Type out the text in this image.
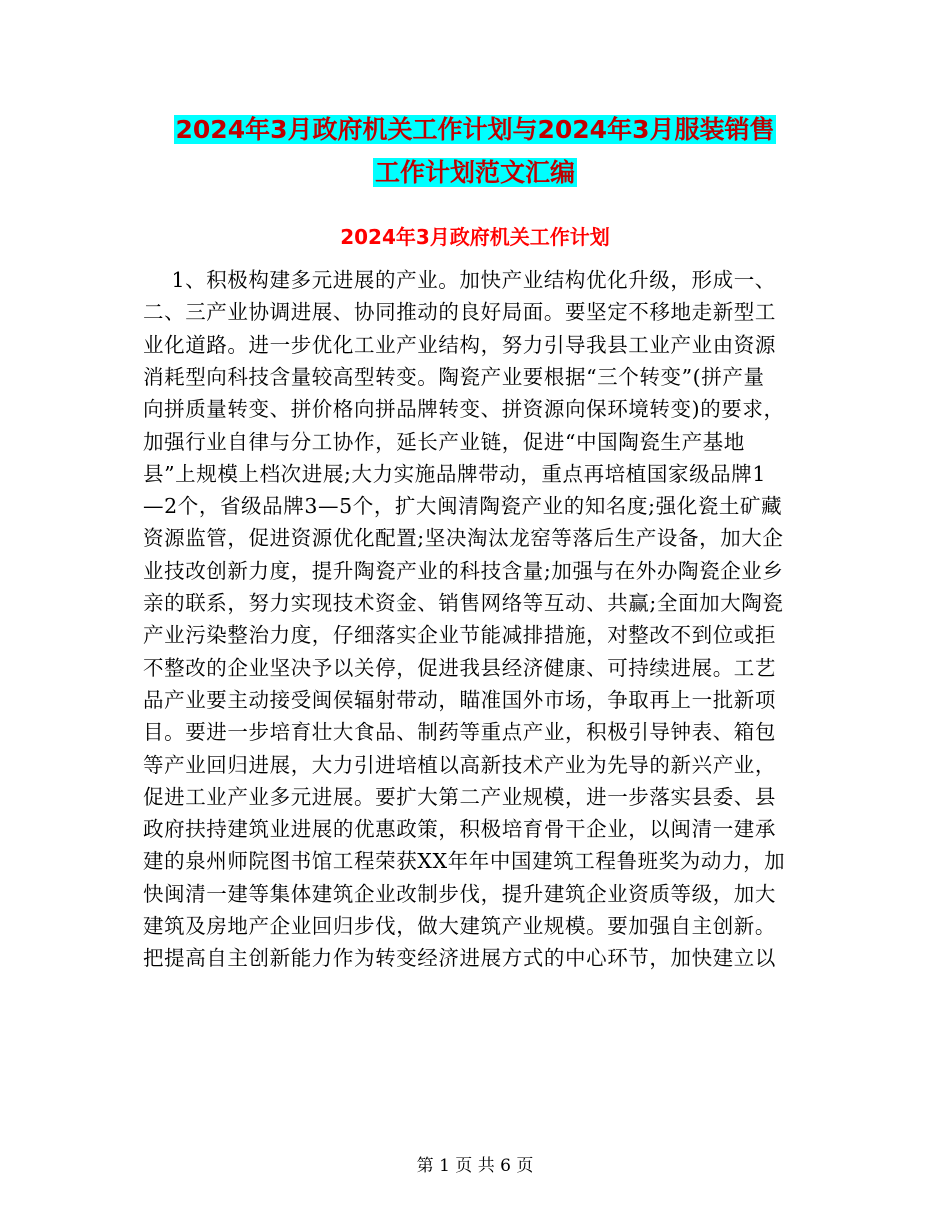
2024年3月政府机关工作计划与2024年3月服装销售
工作计划范文汇编
2024年3月政府机关工作计划
1、积极构建多元进展的产业。加快产业结构优化升级，形成一、
二、三产业协调进展、协同推动的良好局面。要坚定不移地走新型工
业化道路。进一步优化工业产业结构，努力引导我县工业产业由资源
消耗型向科技含量较高型转变。陶瓷产业要根据“三个转变”(拼产量
向拼质量转变、拼价格向拼品牌转变、拼资源向保环境转变)的要求，
加强行业自律与分工协作，延长产业链，促进“中国陶瓷生产基地
县”上规模上档次进展;大力实施品牌带动，重点再培植国家级品牌1
—2个，省级品牌3—5个，扩大闽清陶瓷产业的知名度;强化瓷土矿藏
资源监管，促进资源优化配置;坚决淘汰龙窑等落后生产设备，加大企
业技改创新力度，提升陶瓷产业的科技含量;加强与在外办陶瓷企业乡
亲的联系，努力实现技术资金、销售网络等互动、共赢;全面加大陶瓷
产业污染整治力度，仔细落实企业节能减排措施，对整改不到位或拒
不整改的企业坚决予以关停，促进我县经济健康、可持续进展。工艺
品产业要主动接受闽侯辐射带动，瞄准国外市场，争取再上一批新项
目。要进一步培育壮大食品、制药等重点产业，积极引导钟表、箱包
等产业回归进展，大力引进培植以高新技术产业为先导的新兴产业，
促进工业产业多元进展。要扩大第二产业规模，进一步落实县委、县
政府扶持建筑业进展的优惠政策，积极培育骨干企业，以闽清一建承
建的泉州师院图书馆工程荣获XX年年中国建筑工程鲁班奖为动力，加
快闽清一建等集体建筑企业改制步伐，提升建筑企业资质等级，加大
建筑及房地产企业回归步伐，做大建筑产业规模。要加强自主创新。
把提高自主创新能力作为转变经济进展方式的中心环节，加快建立以
第 1 页 共 6 页
